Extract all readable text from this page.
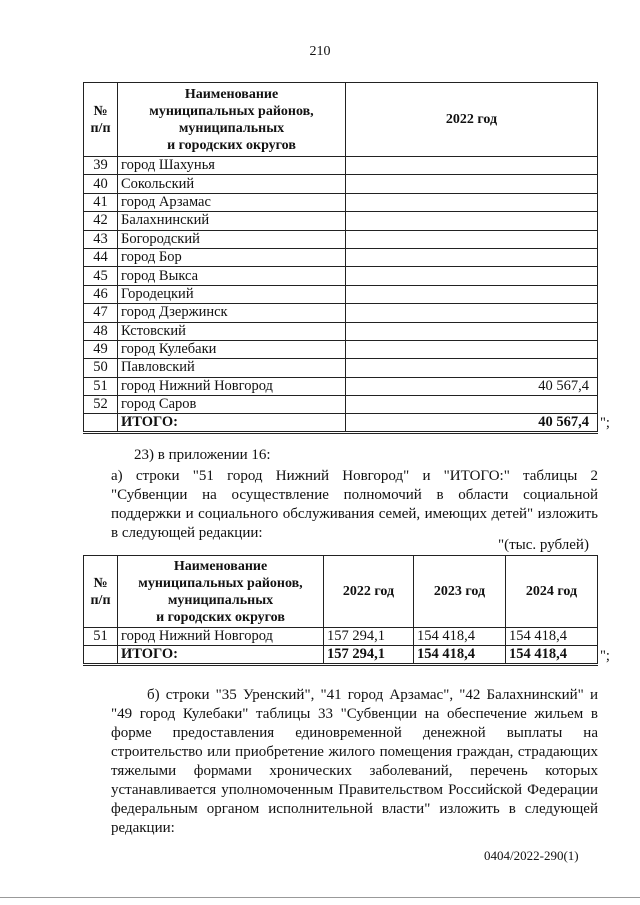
210
№ п/п	Наименование
муниципальных районов,
муниципальных
и городских округов	2022 год
39	город Шахунья	
40	Сокольский	
41	город Арзамас	
42	Балахнинский	
43	Богородский	
44	город Бор	
45	город Выкса	
46	Городецкий	
47	город Дзержинск	
48	Кстовский	
49	город Кулебаки	
50	Павловский	
51	город Нижний Новгород	40 567,4
52	город Саров	
	ИТОГО:	40 567,4 ";
23) в приложении 16:
а) строки "51 город Нижний Новгород" и "ИТОГО:" таблицы 2
"Субвенции на осуществление полномочий в области социальной поддержки и социального обслуживания семей, имеющих детей" изложить в следующей редакции:
"(тыс. рублей)
№ п/п	Наименование
муниципальных районов,
муниципальных
и городских округов	2022 год	2023 год	2024 год
51	город Нижний Новгород	157 294,1	154 418,4	154 418,4
	ИТОГО:	157 294,1	154 418,4	154 418,4 ";
б) строки "35 Уренский", "41 город Арзамас", "42 Балахнинский" и
"49 город Кулебаки" таблицы 33 "Субвенции на обеспечение жильем в форме предоставления единовременной денежной выплаты на строительство или приобретение жилого помещения граждан, страдающих тяжелыми формами хронических заболеваний, перечень которых устанавливается уполномоченным Правительством Российской Федерации федеральным органом исполнительной власти" изложить в следующей редакции:
0404/2022-290(1)
